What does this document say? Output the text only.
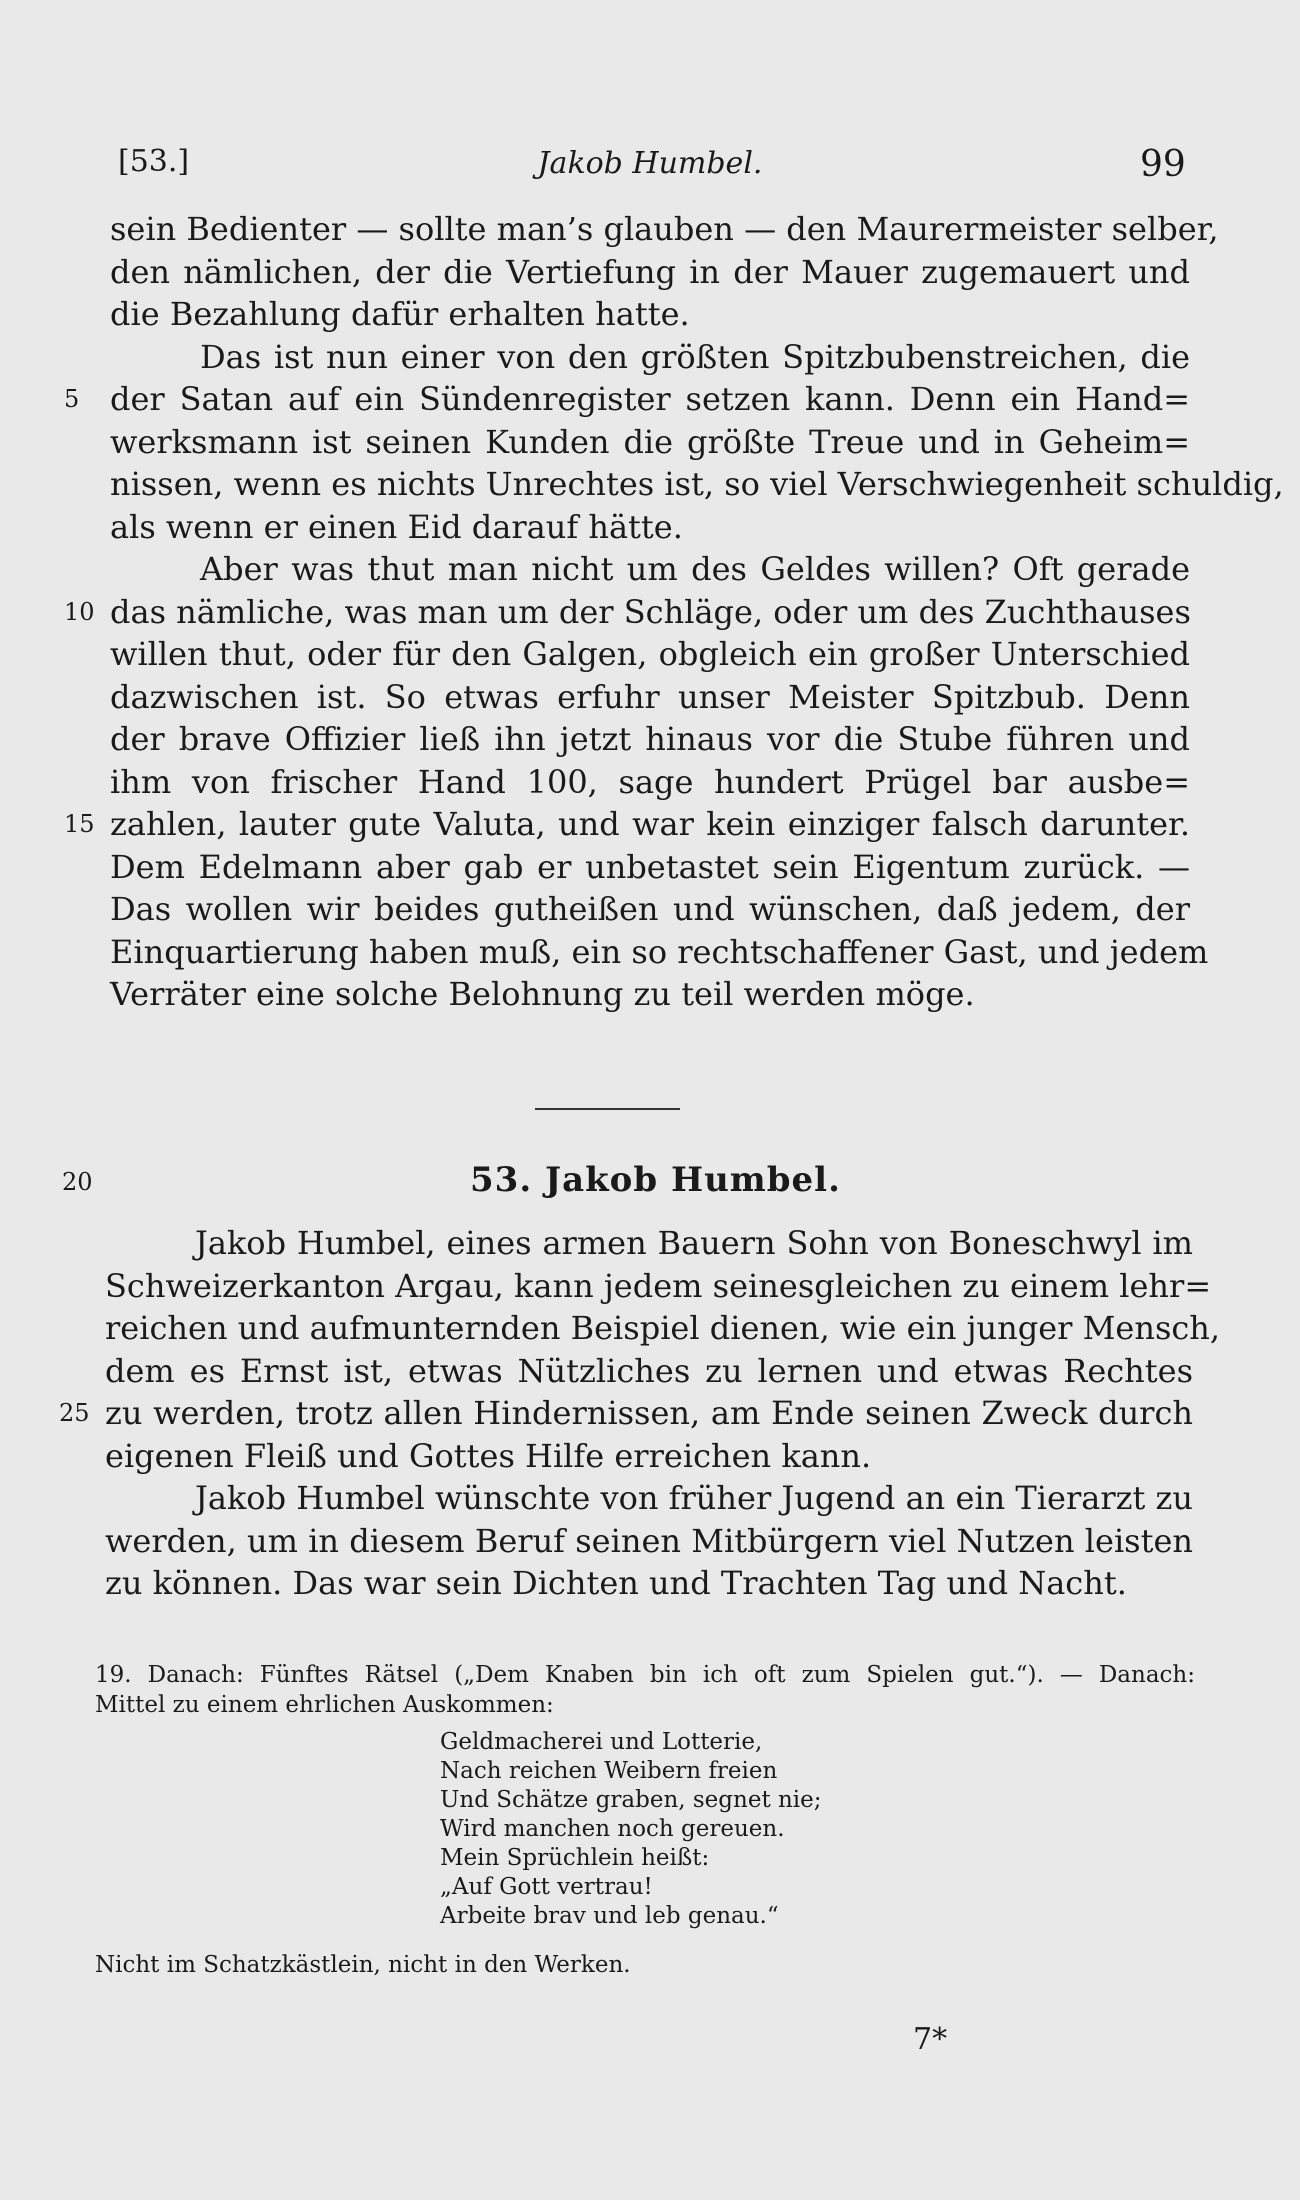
[53.]	Jakob Humbel.	99
sein Bedienter — sollte man’s glauben — den Maurermeister selber,
den nämlichen, der die Vertiefung in der Mauer zugemauert und
die Bezahlung dafür erhalten hatte.
Das ist nun einer von den größten Spitzbubenstreichen, die
der Satan auf ein Sündenregister setzen kann. Denn ein Hand=
5
werksmann ist seinen Kunden die größte Treue und in Geheim=
nissen, wenn es nichts Unrechtes ist, so viel Verschwiegenheit schuldig,
als wenn er einen Eid darauf hätte.
Aber was thut man nicht um des Geldes willen? Oft gerade
das nämliche, was man um der Schläge, oder um des Zuchthauses
10
willen thut, oder für den Galgen, obgleich ein großer Unterschied
dazwischen ist. So etwas erfuhr unser Meister Spitzbub. Denn
der brave Offizier ließ ihn jetzt hinaus vor die Stube führen und
ihm von frischer Hand 100, sage hundert Prügel bar ausbe=
zahlen, lauter gute Valuta, und war kein einziger falsch darunter.
15
Dem Edelmann aber gab er unbetastet sein Eigentum zurück. —
Das wollen wir beides gutheißen und wünschen, daß jedem, der
Einquartierung haben muß, ein so rechtschaffener Gast, und jedem
Verräter eine solche Belohnung zu teil werden möge.
20	53. Jakob Humbel.
Jakob Humbel, eines armen Bauern Sohn von Boneschwyl im
Schweizerkanton Argau, kann jedem seinesgleichen zu einem lehr=
reichen und aufmunternden Beispiel dienen, wie ein junger Mensch,
dem es Ernst ist, etwas Nützliches zu lernen und etwas Rechtes
zu werden, trotz allen Hindernissen, am Ende seinen Zweck durch
25
eigenen Fleiß und Gottes Hilfe erreichen kann.
Jakob Humbel wünschte von früher Jugend an ein Tierarzt zu
werden, um in diesem Beruf seinen Mitbürgern viel Nutzen leisten
zu können. Das war sein Dichten und Trachten Tag und Nacht.
19. Danach: Fünftes Rätsel („Dem Knaben bin ich oft zum Spielen gut.“). — Danach:
Mittel zu einem ehrlichen Auskommen:
Geldmacherei und Lotterie,
Nach reichen Weibern freien
Und Schätze graben, segnet nie;
Wird manchen noch gereuen.
Mein Sprüchlein heißt:
„Auf Gott vertrau!
Arbeite brav und leb genau.“
Nicht im Schatzkästlein, nicht in den Werken.
7*
